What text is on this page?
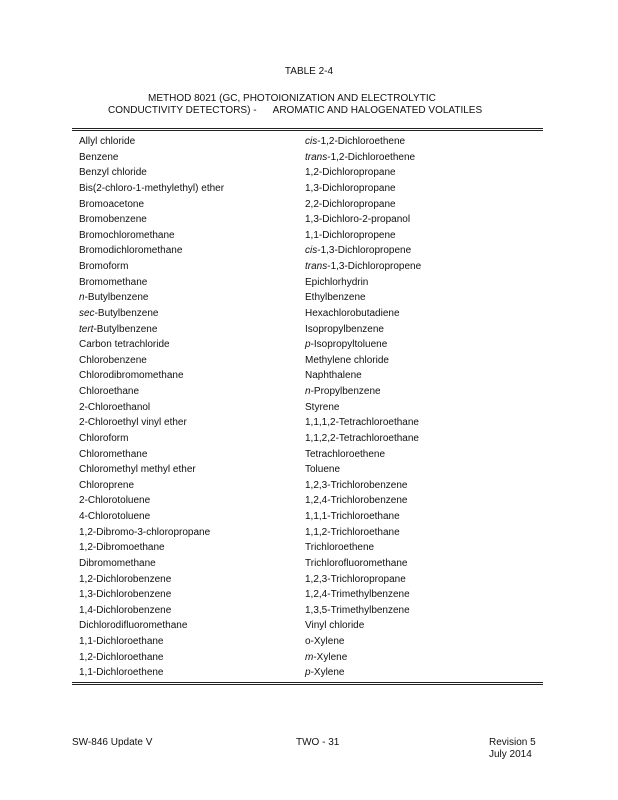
TABLE 2-4
METHOD 8021 (GC, PHOTOIONIZATION AND ELECTROLYTIC
CONDUCTIVITY DETECTORS) -      AROMATIC AND HALOGENATED VOLATILES
Allyl chloride
Benzene
Benzyl chloride
Bis(2-chloro-1-methylethyl) ether
Bromoacetone
Bromobenzene
Bromochloromethane
Bromodichloromethane
Bromoform
Bromomethane
n-Butylbenzene
sec-Butylbenzene
tert-Butylbenzene
Carbon tetrachloride
Chlorobenzene
Chlorodibromomethane
Chloroethane
2-Chloroethanol
2-Chloroethyl vinyl ether
Chloroform
Chloromethane
Chloromethyl methyl ether
Chloroprene
2-Chlorotoluene
4-Chlorotoluene
1,2-Dibromo-3-chloropropane
1,2-Dibromoethane
Dibromomethane
1,2-Dichlorobenzene
1,3-Dichlorobenzene
1,4-Dichlorobenzene
Dichlorodifluoromethane
1,1-Dichloroethane
1,2-Dichloroethane
1,1-Dichloroethene
cis-1,2-Dichloroethene
trans-1,2-Dichloroethene
1,2-Dichloropropane
1,3-Dichloropropane
2,2-Dichloropropane
1,3-Dichloro-2-propanol
1,1-Dichloropropene
cis-1,3-Dichloropropene
trans-1,3-Dichloropropene
Epichlorhydrin
Ethylbenzene
Hexachlorobutadiene
Isopropylbenzene
p-Isopropyltoluene
Methylene chloride
Naphthalene
n-Propylbenzene
Styrene
1,1,1,2-Tetrachloroethane
1,1,2,2-Tetrachloroethane
Tetrachloroethene
Toluene
1,2,3-Trichlorobenzene
1,2,4-Trichlorobenzene
1,1,1-Trichloroethane
1,1,2-Trichloroethane
Trichloroethene
Trichlorofluoromethane
1,2,3-Trichloropropane
1,2,4-Trimethylbenzene
1,3,5-Trimethylbenzene
Vinyl chloride
o-Xylene
m-Xylene
p-Xylene
SW-846 Update V	TWO - 31	Revision 5
July 2014
